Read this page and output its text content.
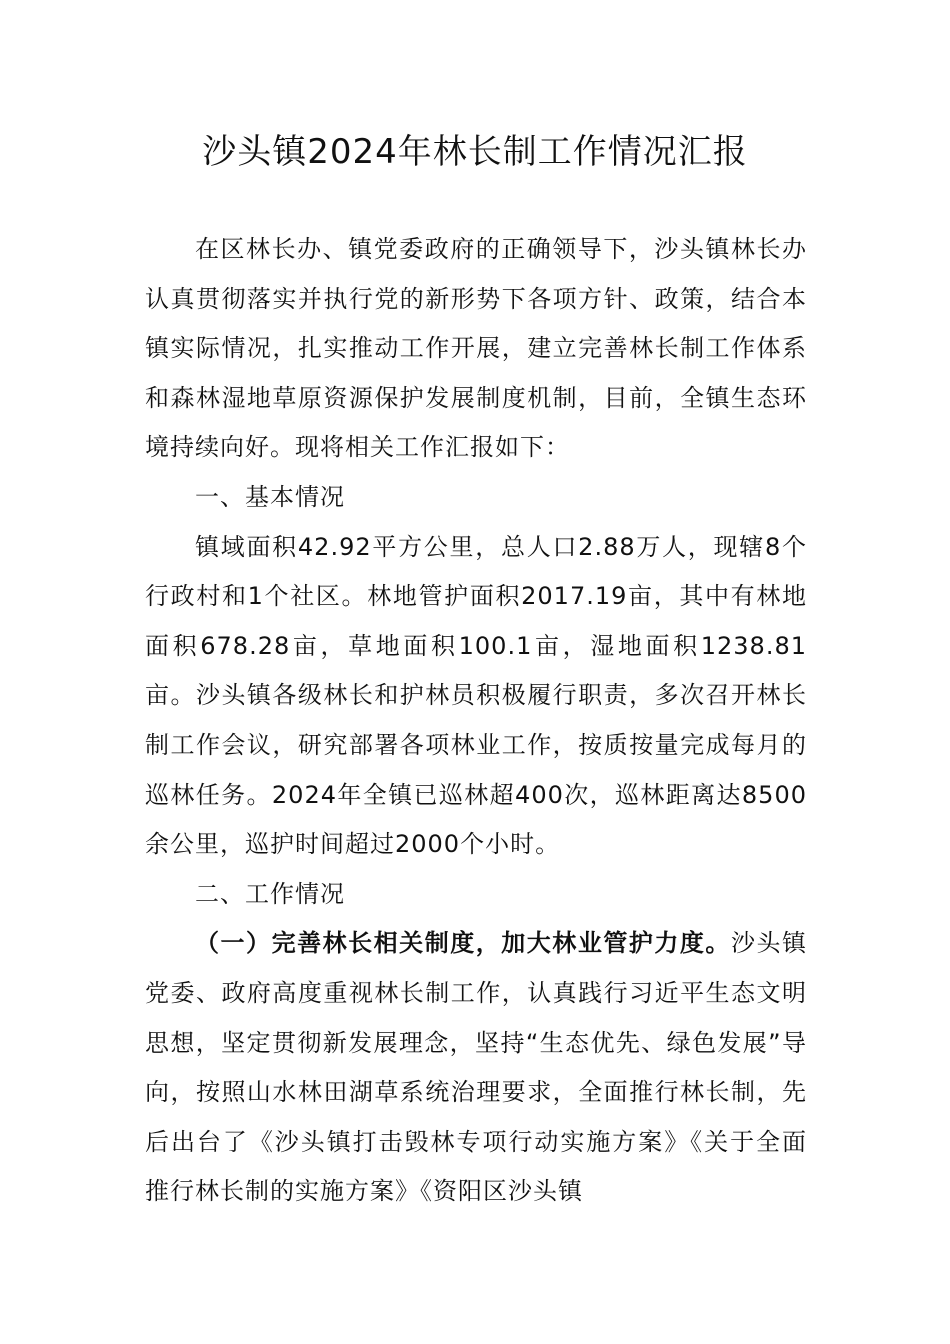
沙头镇2024年林长制工作情况汇报

在区林长办、镇党委政府的正确领导下，沙头镇林长办认真贯彻落实并执行党的新形势下各项方针、政策，结合本镇实际情况，扎实推动工作开展，建立完善林长制工作体系和森林湿地草原资源保护发展制度机制，目前，全镇生态环境持续向好。现将相关工作汇报如下：

一、基本情况

镇域面积42.92平方公里，总人口2.88万人，现辖8个行政村和1个社区。林地管护面积2017.19亩，其中有林地面积678.28亩，草地面积100.1亩，湿地面积1238.81亩。沙头镇各级林长和护林员积极履行职责，多次召开林长制工作会议，研究部署各项林业工作，按质按量完成每月的巡林任务。2024年全镇已巡林超400次，巡林距离达8500余公里，巡护时间超过2000个小时。

二、工作情况

（一）完善林长相关制度，加大林业管护力度。沙头镇党委、政府高度重视林长制工作，认真践行习近平生态文明思想，坚定贯彻新发展理念，坚持“生态优先、绿色发展”导向，按照山水林田湖草系统治理要求，全面推行林长制，先后出台了《沙头镇打击毁林专项行动实施方案》《关于全面推行林长制的实施方案》《资阳区沙头镇
